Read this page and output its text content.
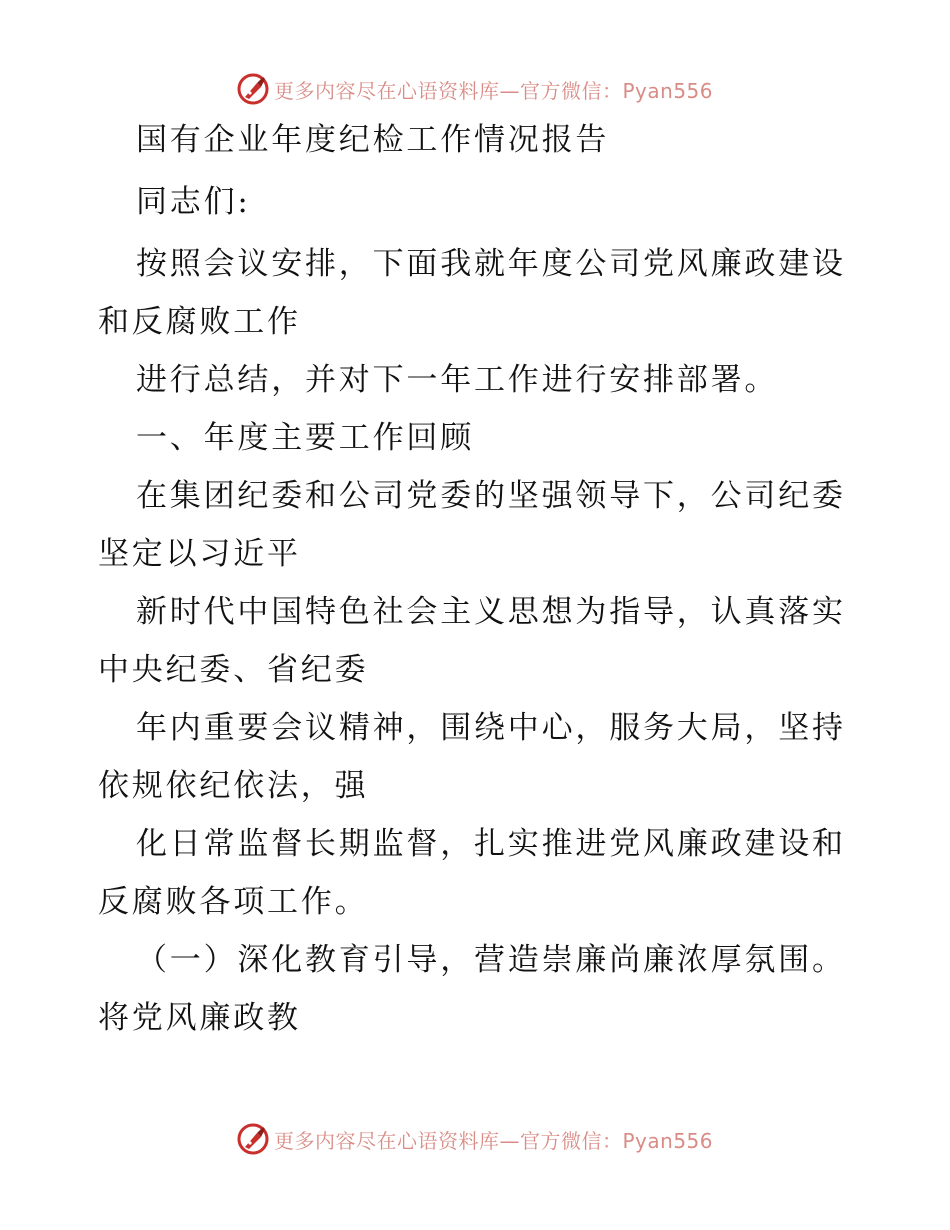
更多内容尽在心语资料库—官方微信：Pyan556
国有企业年度纪检工作情况报告
同志们:
按照会议安排，下面我就年度公司党风廉政建设
和反腐败工作
进行总结，并对下一年工作进行安排部署。
一、年度主要工作回顾
在集团纪委和公司党委的坚强领导下，公司纪委
坚定以习近平
新时代中国特色社会主义思想为指导，认真落实
中央纪委、省纪委
年内重要会议精神，围绕中心，服务大局，坚持
依规依纪依法，强
化日常监督长期监督，扎实推进党风廉政建设和
反腐败各项工作。
（一）深化教育引导，营造崇廉尚廉浓厚氛围。
将党风廉政教
更多内容尽在心语资料库—官方微信：Pyan556
